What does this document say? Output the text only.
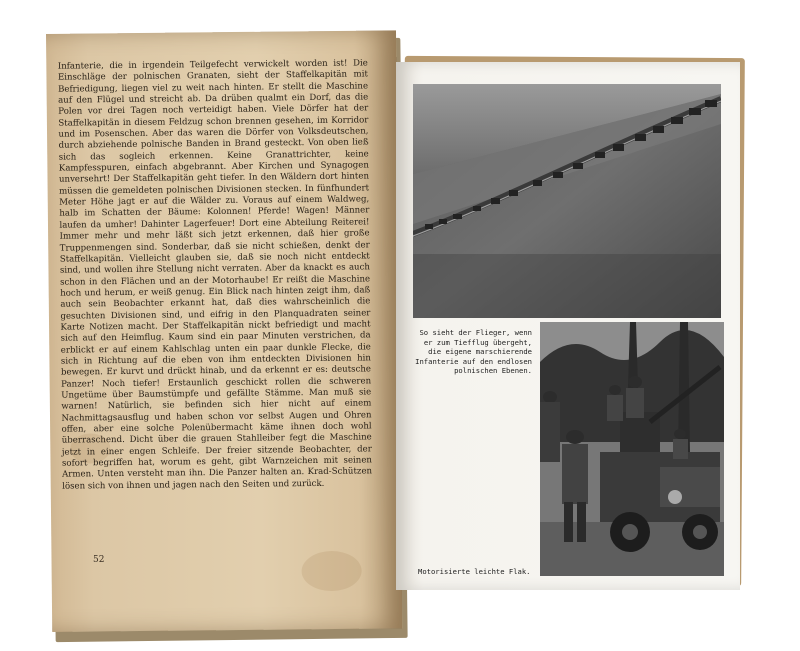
Infanterie, die in irgendein Teilgefecht verwickelt worden ist! Die Einschläge der polnischen Granaten, sieht der Staffelkapitän mit Befriedigung, liegen viel zu weit nach hinten. Er stellt die Maschine auf den Flügel und streicht ab. Da drüben qualmt ein Dorf, das die Polen vor drei Tagen noch verteidigt haben. Viele Dörfer hat der Staffelkapitän in diesem Feldzug schon brennen gesehen, im Korridor und im Posenschen. Aber das waren die Dörfer von Volksdeutschen, durch abziehende polnische Banden in Brand gesteckt. Von oben ließ sich das sogleich erkennen. Keine Granattrichter, keine Kampfesspuren, einfach abgebrannt. Aber Kirchen und Synagogen unversehrt! Der Staffelkapitän geht tiefer. In den Wäldern dort hinten müssen die gemeldeten polnischen Divisionen stecken. In fünfhundert Meter Höhe jagt er auf die Wälder zu. Voraus auf einem Waldweg, halb im Schatten der Bäume: Kolonnen! Pferde! Wagen! Männer laufen da umher! Dahinter Lagerfeuer! Dort eine Abteilung Reiterei! Immer mehr und mehr läßt sich jetzt erkennen, daß hier große Truppenmengen sind. Sonderbar, daß sie nicht schießen, denkt der Staffelkapitän. Vielleicht glauben sie, daß sie noch nicht entdeckt sind, und wollen ihre Stellung nicht verraten. Aber da knackt es auch schon in den Flächen und an der Motorhaube! Er reißt die Maschine hoch und herum, er weiß genug. Ein Blick nach hinten zeigt ihm, daß auch sein Beobachter erkannt hat, daß dies wahrscheinlich die gesuchten Divisionen sind, und eifrig in den Planquadraten seiner Karte Notizen macht. Der Staffelkapitän nickt befriedigt und macht sich auf den Heimflug. Kaum sind ein paar Minuten verstrichen, da erblickt er auf einem Kahlschlag unten ein paar dunkle Flecke, die sich in Richtung auf die eben von ihm entdeckten Divisionen hin bewegen. Er kurvt und drückt hinab, und da erkennt er es: deutsche Panzer! Noch tiefer! Erstaunlich geschickt rollen die schweren Ungetüme über Baumstümpfe und gefällte Stämme. Man muß sie warnen! Natürlich, sie befinden sich hier nicht auf einem Nachmittagsausflug und haben schon vor selbst Augen und Ohren offen, aber eine solche Polenübermacht käme ihnen doch wohl überraschend. Dicht über die grauen Stahlleiber fegt die Maschine jetzt in einer engen Schleife. Der freier sitzende Beobachter, der sofort begriffen hat, worum es geht, gibt Warnzeichen mit seinen Armen. Unten versteht man ihn. Die Panzer halten an. Krad-Schützen lösen sich von ihnen und jagen nach den Seiten und zurück.

52
So sieht der Flieger, wenn er zum Tiefflug übergeht, die eigene marschierende Infanterie auf den endlosen polnischen Ebenen.
Motorisierte leichte Flak.
